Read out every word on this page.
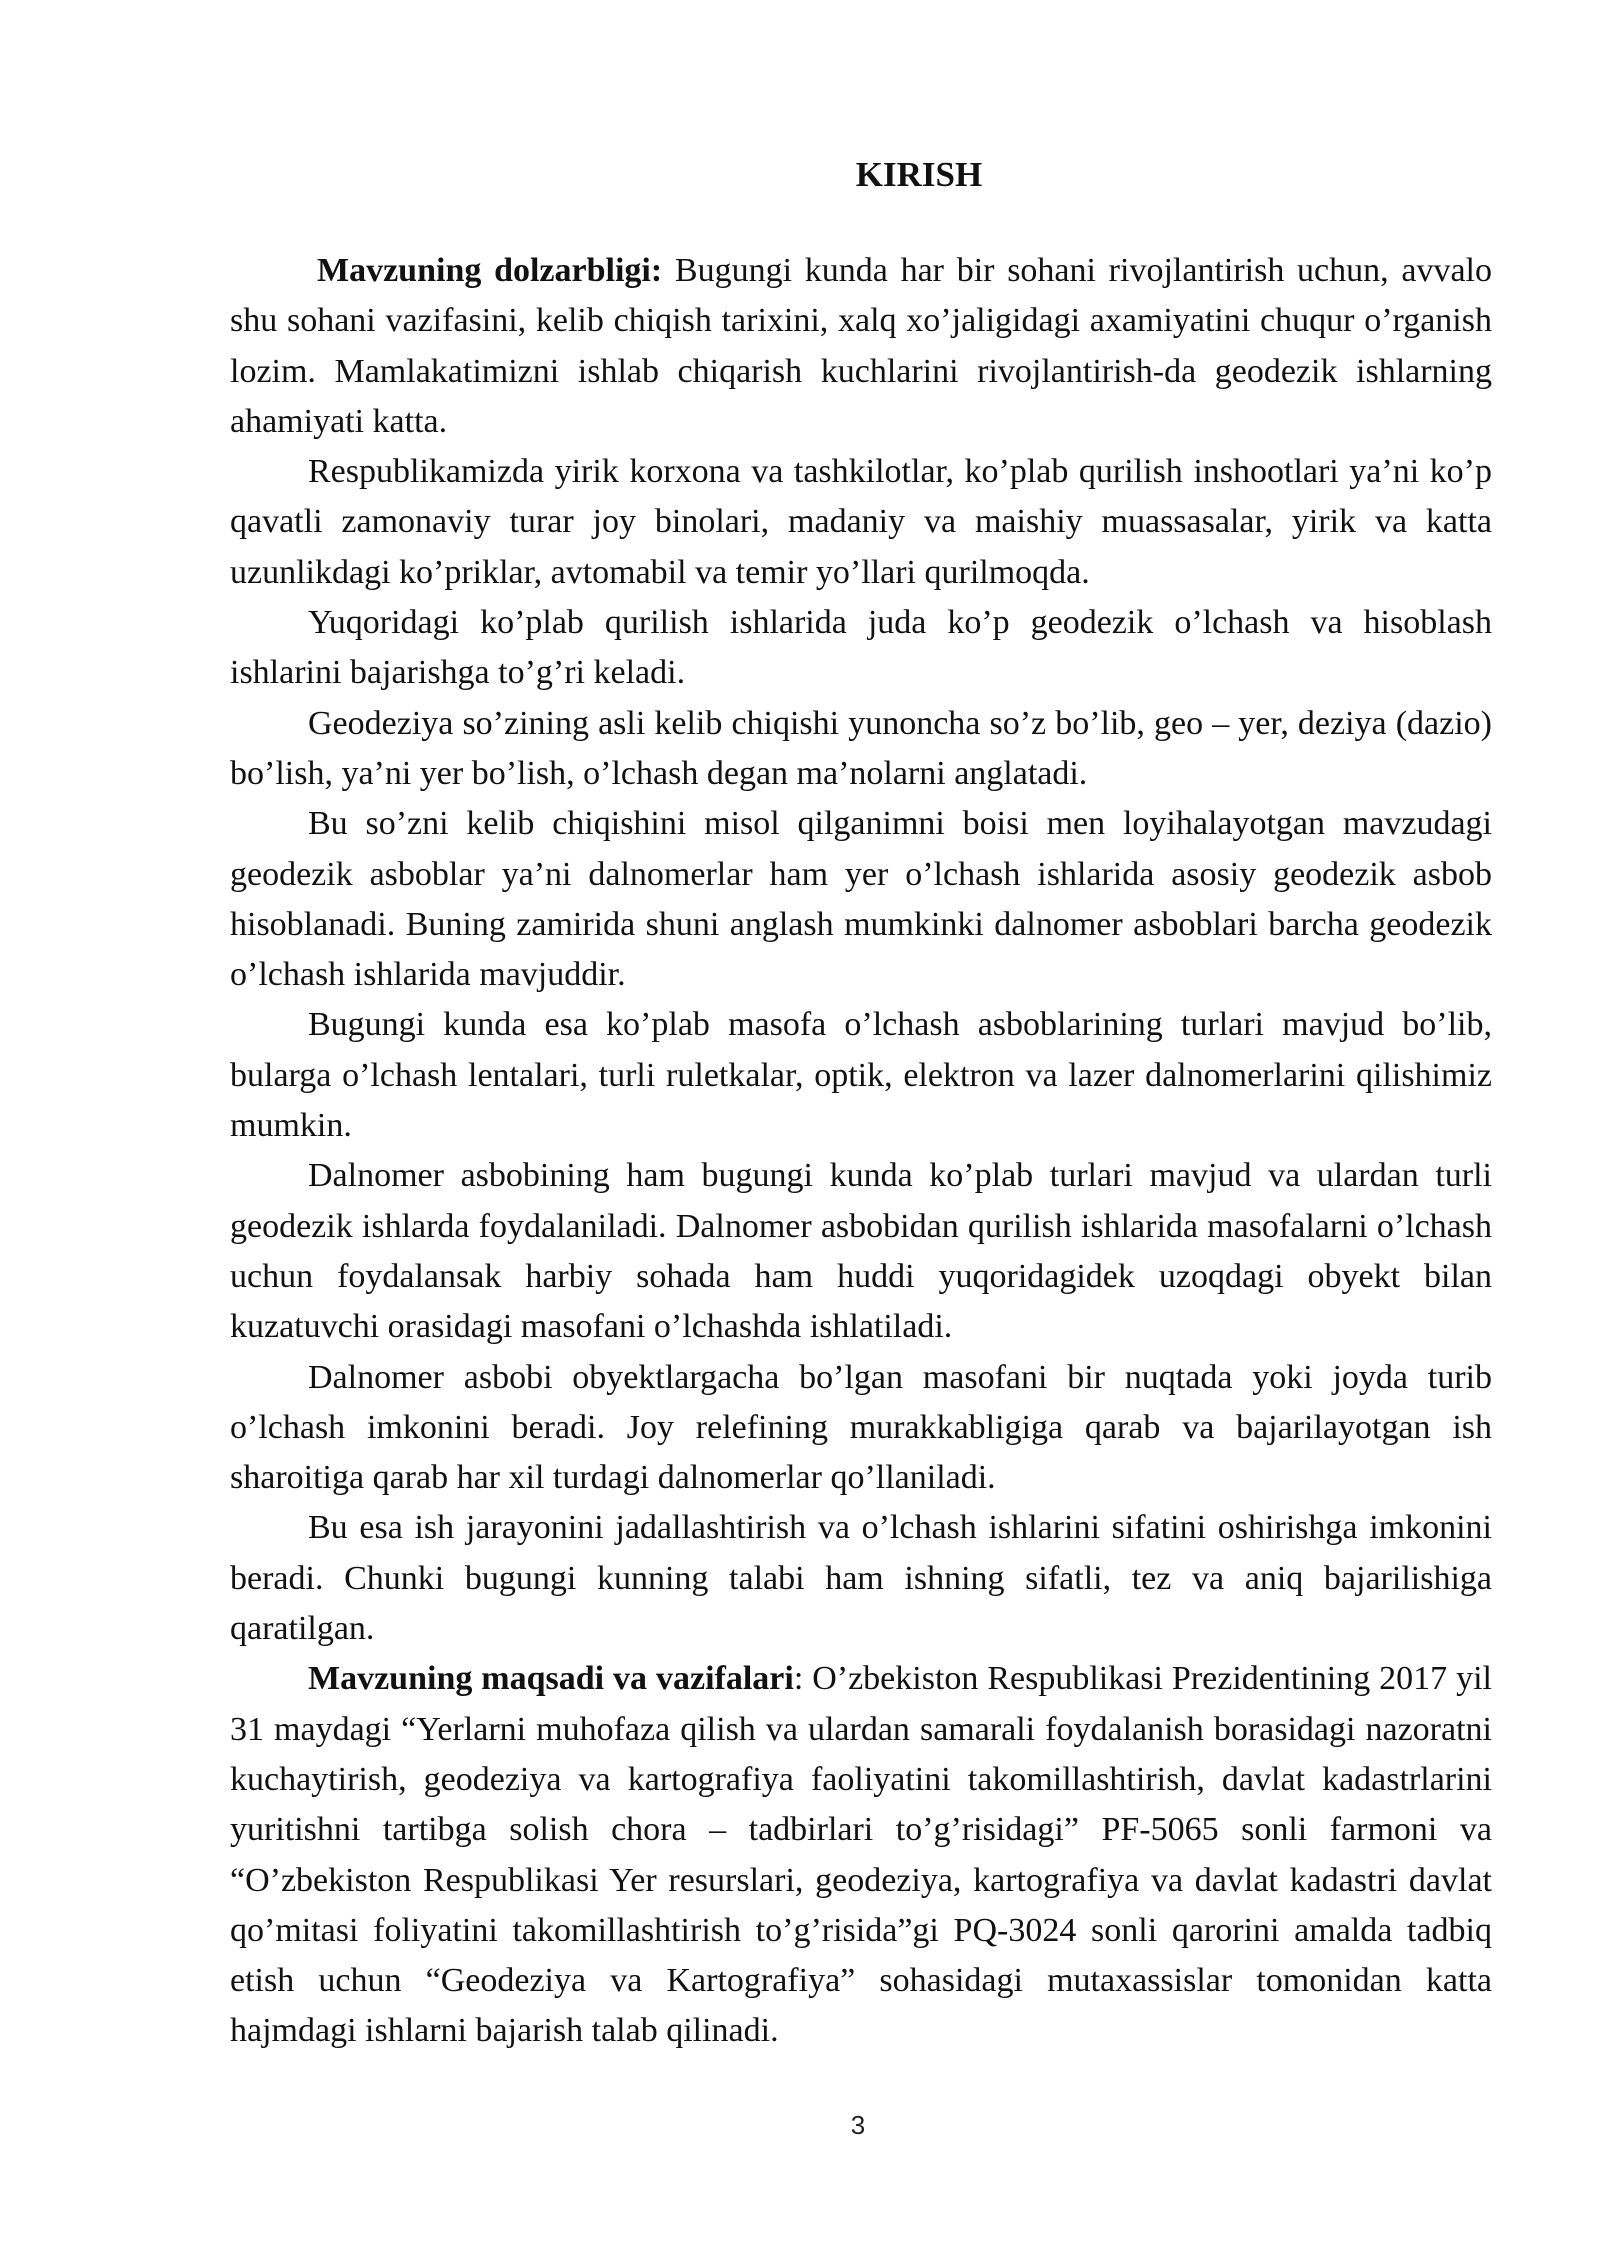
KIRISH

Mavzuning dolzarbligi: Bugungi kunda har bir sohani rivojlantirish uchun, avvalo shu sohani vazifasini, kelib chiqish tarixini, xalq xo’jaligidagi axamiyatini chuqur o’rganish lozim. Mamlakatimizni ishlab chiqarish kuchlarini rivojlantirish-da geodezik ishlarning ahamiyati katta.

Respublikamizda yirik korxona va tashkilotlar, ko’plab qurilish inshootlari ya’ni ko’p qavatli zamonaviy turar joy binolari, madaniy va maishiy muassasalar, yirik va katta uzunlikdagi ko’priklar, avtomabil va temir yo’llari qurilmoqda.

Yuqoridagi ko’plab qurilish ishlarida juda ko’p geodezik o’lchash va hisoblash ishlarini bajarishga to’g’ri keladi.

Geodeziya so’zining asli kelib chiqishi yunoncha so’z bo’lib, geo – yer, deziya (dazio) bo’lish, ya’ni yer bo’lish, o’lchash degan ma’nolarni anglatadi.

Bu so’zni kelib chiqishini misol qilganimni boisi men loyihalayotgan mavzudagi geodezik asboblar ya’ni dalnomerlar ham yer o’lchash ishlarida asosiy geodezik asbob hisoblanadi. Buning zamirida shuni anglash mumkinki dalnomer asboblari barcha geodezik o’lchash ishlarida mavjuddir.

Bugungi kunda esa ko’plab masofa o’lchash asboblarining turlari mavjud bo’lib, bularga o’lchash lentalari, turli ruletkalar, optik, elektron va lazer dalnomerlarini qilishimiz mumkin.

Dalnomer asbobining ham bugungi kunda ko’plab turlari mavjud va ulardan turli geodezik ishlarda foydalaniladi. Dalnomer asbobidan qurilish ishlarida masofalarni o’lchash uchun foydalansak harbiy sohada ham huddi yuqoridagidek uzoqdagi obyekt bilan kuzatuvchi orasidagi masofani o’lchashda ishlatiladi.

Dalnomer asbobi obyektlargacha bo’lgan masofani bir nuqtada yoki joyda turib o’lchash imkonini beradi. Joy relefining murakkabligiga qarab va bajarilayotgan ish sharoitiga qarab har xil turdagi dalnomerlar qo’llaniladi.

Bu esa ish jarayonini jadallashtirish va o’lchash ishlarini sifatini oshirishga imkonini beradi. Chunki bugungi kunning talabi ham ishning sifatli, tez va aniq bajarilishiga qaratilgan.

Mavzuning maqsadi va vazifalari: O’zbekiston Respublikasi Prezidentining 2017 yil 31 maydagi “Yerlarni muhofaza qilish va ulardan samarali foydalanish borasidagi nazoratni kuchaytirish, geodeziya va kartografiya faoliyatini takomillashtirish, davlat kadastrlarini yuritishni tartibga solish chora – tadbirlari to’g’risidagi” PF-5065 sonli farmoni va “O’zbekiston Respublikasi Yer resurslari, geodeziya, kartografiya va davlat kadastri davlat qo’mitasi foliyatini takomillashtirish to’g’risida”gi PQ-3024 sonli qarorini amalda tadbiq etish uchun “Geodeziya va Kartografiya” sohasidagi mutaxassislar tomonidan katta hajmdagi ishlarni bajarish talab qilinadi.

3
